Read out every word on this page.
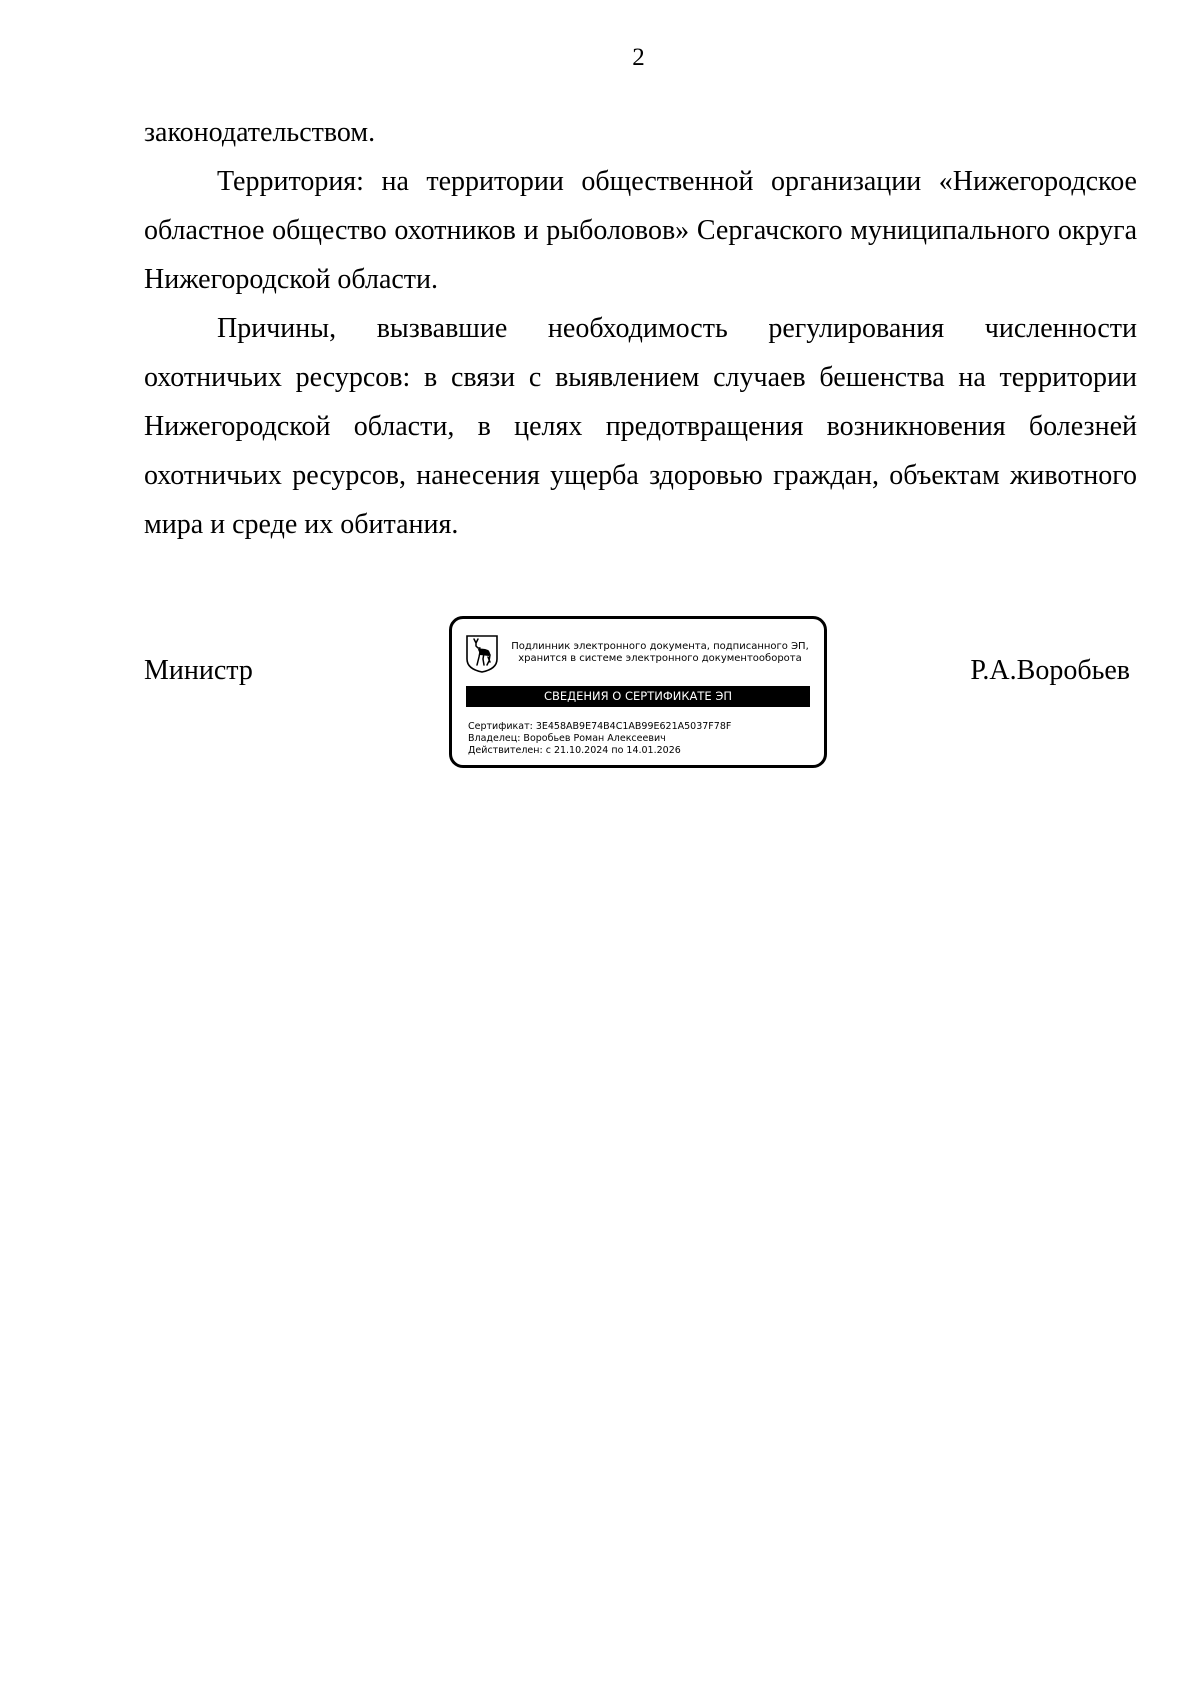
2

законодательством.

Территория: на территории общественной организации «Нижегородское областное общество охотников и рыболовов» Сергачского муниципального округа Нижегородской области.

Причины, вызвавшие необходимость регулирования численности охотничьих ресурсов: в связи с выявлением случаев бешенства на территории Нижегородской области, в целях предотвращения возникновения болезней охотничьих ресурсов, нанесения ущерба здоровью граждан, объектам животного мира и среде их обитания.

Министр
Подлинник электронного документа, подписанного ЭП,
хранится в системе электронного документооборота
СВЕДЕНИЯ О СЕРТИФИКАТЕ ЭП
Сертификат: 3E458AB9E74B4C1AB99E621A5037F78F
Владелец: Воробьев Роман Алексеевич
Действителен: с 21.10.2024 по 14.01.2026
Р.А.Воробьев
